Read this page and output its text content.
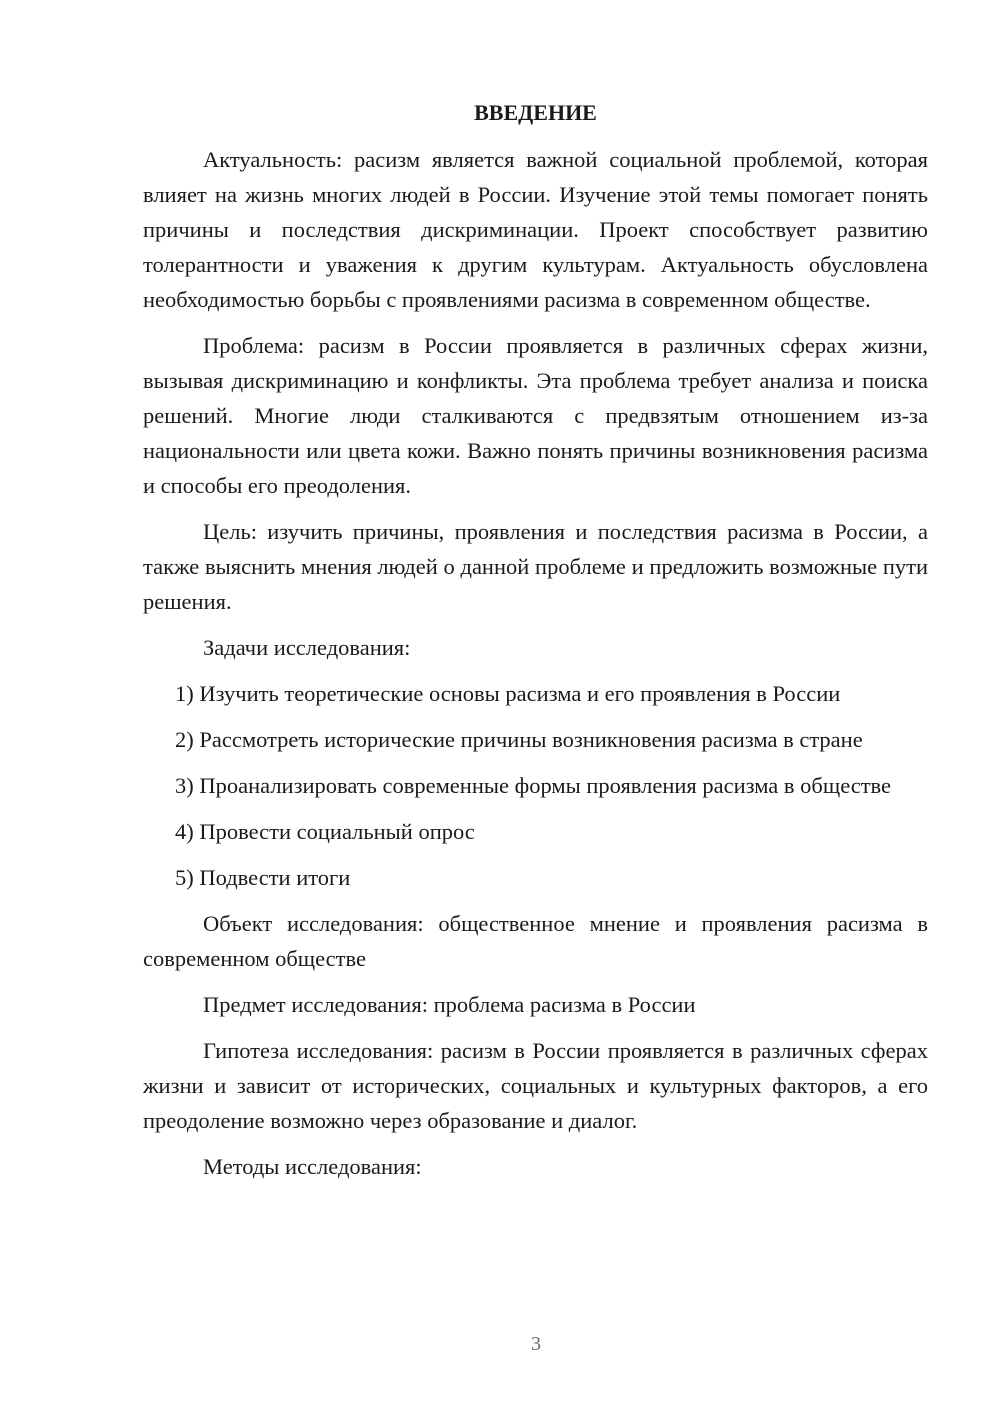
ВВЕДЕНИЕ

Актуальность: расизм является важной социальной проблемой, которая влияет на жизнь многих людей в России. Изучение этой темы помогает понять причины и последствия дискриминации. Проект способствует развитию толерантности и уважения к другим культурам. Актуальность обусловлена необходимостью борьбы с проявлениями расизма в современном обществе.

Проблема: расизм в России проявляется в различных сферах жизни, вызывая дискриминацию и конфликты. Эта проблема требует анализа и поиска решений. Многие люди сталкиваются с предвзятым отношением из-за национальности или цвета кожи. Важно понять причины возникновения расизма и способы его преодоления.

Цель: изучить причины, проявления и последствия расизма в России, а также выяснить мнения людей о данной проблеме и предложить возможные пути решения.

Задачи исследования:

1) Изучить теоретические основы расизма и его проявления в России

2) Рассмотреть исторические причины возникновения расизма в стране

3) Проанализировать современные формы проявления расизма в обществе

4) Провести социальный опрос

5) Подвести итоги

Объект исследования: общественное мнение и проявления расизма в современном обществе

Предмет исследования: проблема расизма в России

Гипотеза исследования: расизм в России проявляется в различных сферах жизни и зависит от исторических, социальных и культурных факторов, а его преодоление возможно через образование и диалог.

Методы исследования:

3
